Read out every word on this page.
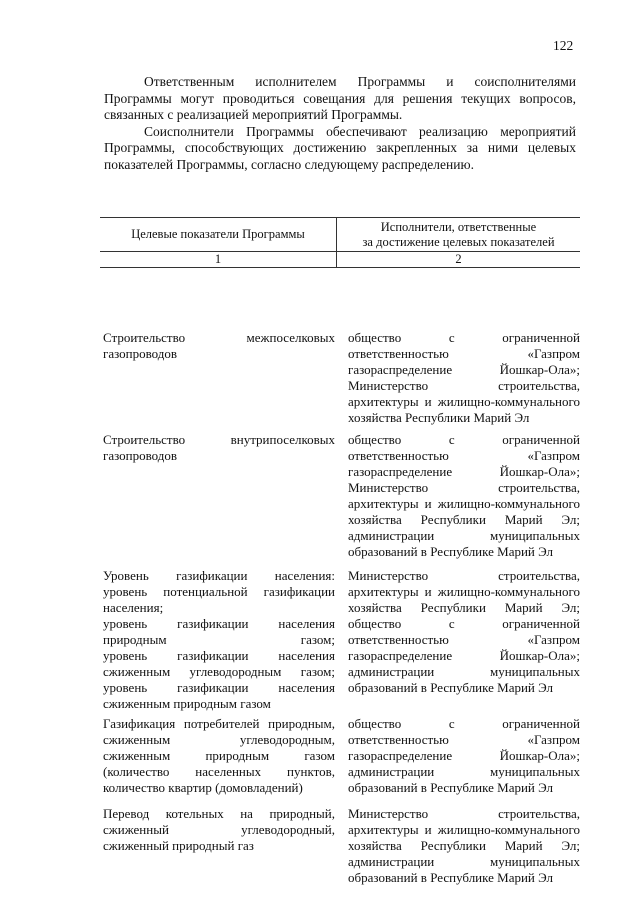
122

Ответственным исполнителем Программы и соисполнителями Программы могут проводиться совещания для решения текущих вопросов, связанных с реализацией мероприятий Программы.

Соисполнители Программы обеспечивают реализацию мероприятий Программы, способствующих достижению закрепленных за ними целевых показателей Программы, согласно следующему распределению.

Целевые показатели Программы	Исполнители, ответственные
за достижение целевых показателей
1	2
Строительство межпоселковых
газопроводов
общество с ограниченной
ответственностью «Газпром
газораспределение Йошкар-Ола»;
Министерство строительства,
архитектуры и жилищно-коммунального
хозяйства Республики Марий Эл
Строительство внутрипоселковых
газопроводов
общество с ограниченной
ответственностью «Газпром
газораспределение Йошкар-Ола»;
Министерство строительства,
архитектуры и жилищно-коммунального
хозяйства Республики Марий Эл;
администрации муниципальных
образований в Республике Марий Эл
Уровень газификации населения:
уровень потенциальной газификации
населения;
уровень газификации населения
природным газом;
уровень газификации населения
сжиженным углеводородным газом;
уровень газификации населения
сжиженным природным газом
Министерство строительства,
архитектуры и жилищно-коммунального
хозяйства Республики Марий Эл;
общество с ограниченной
ответственностью «Газпром
газораспределение Йошкар-Ола»;
администрации муниципальных
образований в Республике Марий Эл
Газификация потребителей природным,
сжиженным углеводородным,
сжиженным природным газом
(количество населенных пунктов,
количество квартир (домовладений)
общество с ограниченной
ответственностью «Газпром
газораспределение Йошкар-Ола»;
администрации муниципальных
образований в Республике Марий Эл
Перевод котельных на природный,
сжиженный углеводородный,
сжиженный природный газ
Министерство строительства,
архитектуры и жилищно-коммунального
хозяйства Республики Марий Эл;
администрации муниципальных
образований в Республике Марий Эл
